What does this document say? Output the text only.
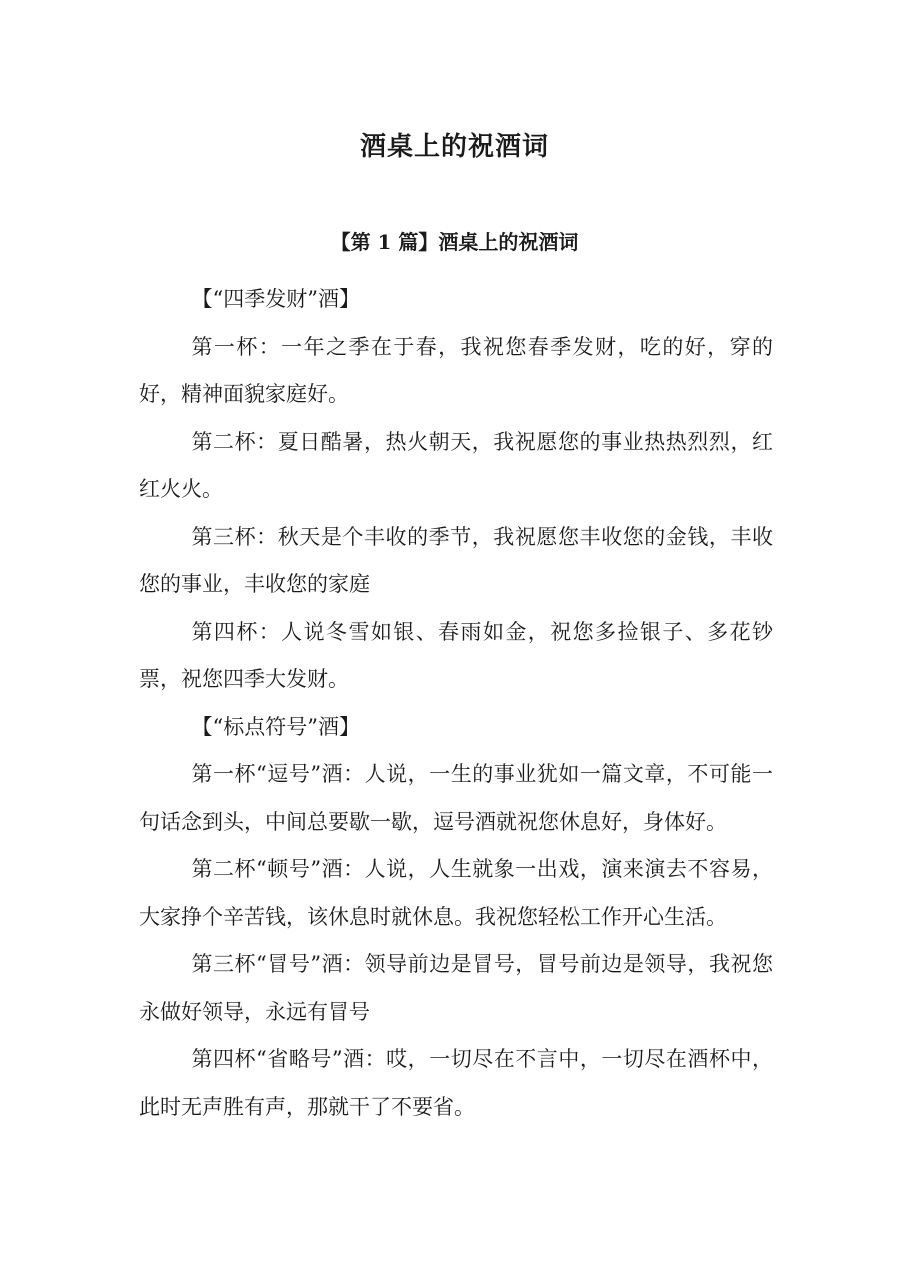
酒桌上的祝酒词
【第 1 篇】酒桌上的祝酒词

【“四季发财”酒】

第一杯：一年之季在于春，我祝您春季发财，吃的好，穿的好，精神面貌家庭好。

第二杯：夏日酷暑，热火朝天，我祝愿您的事业热热烈烈，红红火火。

第三杯：秋天是个丰收的季节，我祝愿您丰收您的金钱，丰收您的事业，丰收您的家庭

第四杯：人说冬雪如银、春雨如金，祝您多捡银子、多花钞票，祝您四季大发财。

【“标点符号”酒】

第一杯“逗号”酒：人说，一生的事业犹如一篇文章，不可能一句话念到头，中间总要歇一歇，逗号酒就祝您休息好，身体好。

第二杯“顿号”酒：人说，人生就象一出戏，演来演去不容易，大家挣个辛苦钱，该休息时就休息。我祝您轻松工作开心生活。

第三杯“冒号”酒：领导前边是冒号，冒号前边是领导，我祝您永做好领导，永远有冒号

第四杯“省略号”酒：哎，一切尽在不言中，一切尽在酒杯中，此时无声胜有声，那就干了不要省。
